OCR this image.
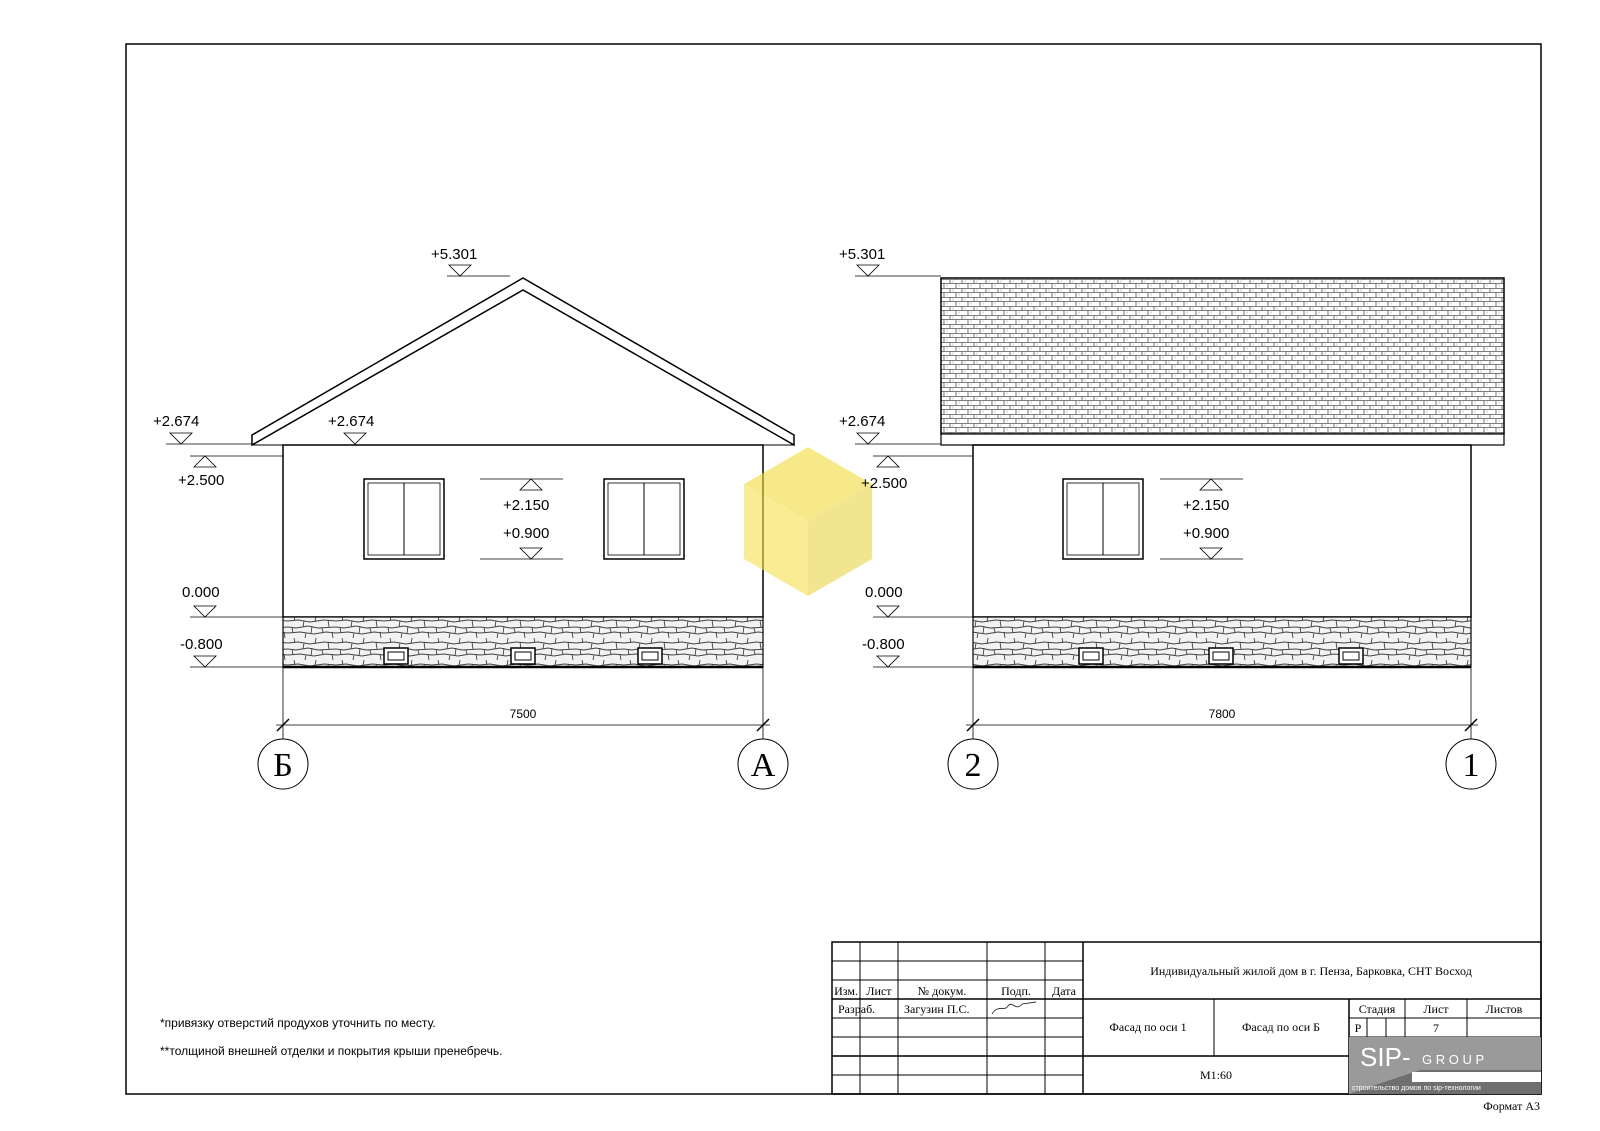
+5.301
+2.674	+2.674
+2.500
+2.150
+0.900
0.000
-0.800
7500
Б	А
+5.301
+2.674
+2.500
+2.150
+0.900
0.000
-0.800
7800
2	1
*привязку отверстий продухов уточнить по месту.
**толщиной внешней отделки и покрытия крыши пренебречь.
Изм. Лист № докум.	Подп. Дата
Разраб. Загузин П.С.
Индивидуальный жилой дом в г. Пенза, Барковка, СНТ Восход
Фасад по оси 1	Фасад по оси Б
М1:60
Стадия Лист	Листов
Р	7
SIP- G R O U P
строительство домов по sip-технологии
Формат А3
